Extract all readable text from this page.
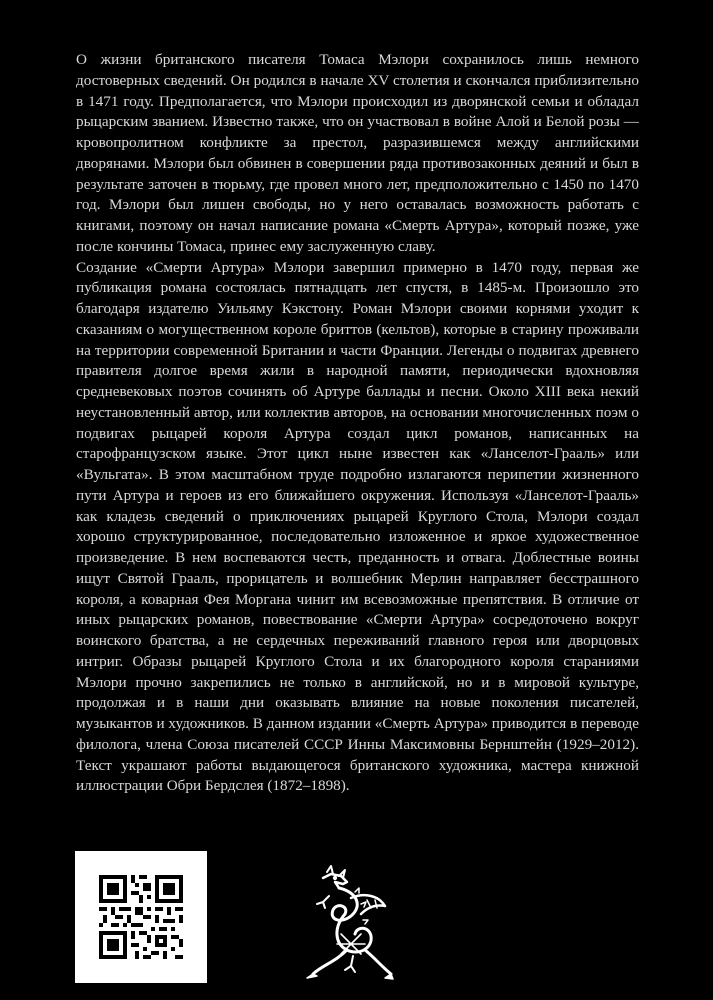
О жизни британского писателя Томаса Мэлори сохранилось лишь немного достоверных сведений. Он родился в начале XV столетия и скончался приблизительно в 1471 году. Предполагается, что Мэлори происходил из дворянской семьи и обладал рыцарским званием. Известно также, что он участвовал в войне Алой и Белой розы — кровопролитном конфликте за престол, разразившемся между английскими дворянами. Мэлори был обвинен в совершении ряда противозаконных деяний и был в результате заточен в тюрьму, где провел много лет, предположительно с 1450 по 1470 год. Мэлори был лишен свободы, но у него оставалась возможность работать с книгами, поэтому он начал написание романа «Смерть Артура», который позже, уже после кончины Томаса, принес ему заслуженную славу.

Создание «Смерти Артура» Мэлори завершил примерно в 1470 году, первая же публикация романа состоялась пятнадцать лет спустя, в 1485-м. Произошло это благодаря издателю Уильяму Кэкстону. Роман Мэлори своими корнями уходит к сказаниям о могущественном короле бриттов (кельтов), которые в старину проживали на территории современной Британии и части Франции. Легенды о подвигах древнего правителя долгое время жили в народной памяти, периодически вдохновляя средневековых поэтов сочинять об Артуре баллады и песни. Около XIII века некий неустановленный автор, или коллектив авторов, на основании многочисленных поэм о подвигах рыцарей короля Артура создал цикл романов, написанных на старофранцузском языке. Этот цикл ныне известен как «Ланселот-Грааль» или «Вульгата». В этом масштабном труде подробно излагаются перипетии жизненного пути Артура и героев из его ближайшего окружения. Используя «Ланселот-Грааль» как кладезь сведений о приключениях рыцарей Круглого Стола, Мэлори создал хорошо структурированное, последовательно изложенное и яркое художественное произведение. В нем воспеваются честь, преданность и отвага. Доблестные воины ищут Святой Грааль, прорицатель и волшебник Мерлин направляет бесстрашного короля, а коварная Фея Моргана чинит им всевозможные препятствия. В отличие от иных рыцарских романов, повествование «Смерти Артура» сосредоточено вокруг воинского братства, а не сердечных переживаний главного героя или дворцовых интриг. Образы рыцарей Круглого Стола и их благородного короля стараниями Мэлори прочно закрепились не только в английской, но и в мировой культуре, продолжая и в наши дни оказывать влияние на новые поколения писателей, музыкантов и художников. В данном издании «Смерть Артура» приводится в переводе филолога, члена Союза писателей СССР Инны Максимовны Бернштейн (1929–2012). Текст украшают работы выдающегося британского художника, мастера книжной иллюстрации Обри Бердслея (1872–1898).
